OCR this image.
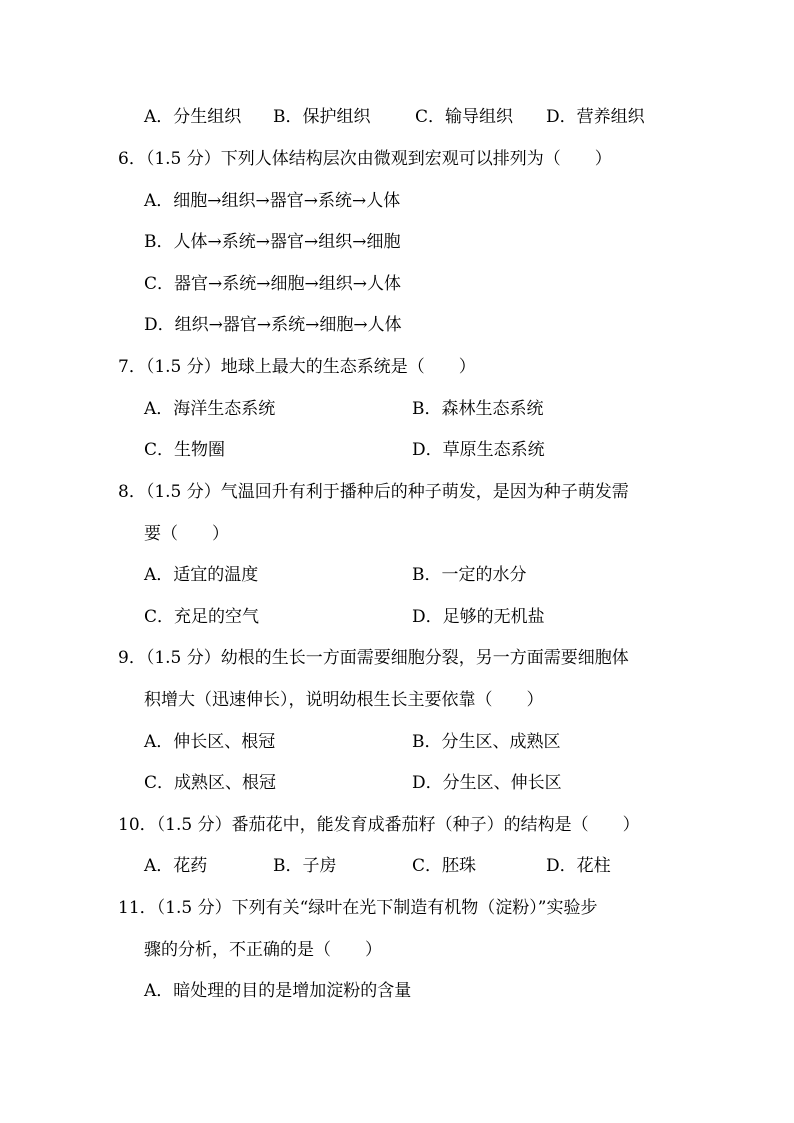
A．分生组织 B．保护组织	C．输导组织 D．营养组织
6．（1.5 分）下列人体结构层次由微观到宏观可以排列为（　　）
A．细胞→组织→器官→系统→人体
B．人体→系统→器官→组织→细胞
C．器官→系统→细胞→组织→人体
D．组织→器官→系统→细胞→人体
7．（1.5 分）地球上最大的生态系统是（　　）
A．海洋生态系统	B．森林生态系统
C．生物圈	D．草原生态系统
8．（1.5 分）气温回升有利于播种后的种子萌发，是因为种子萌发需
要（　　）
A．适宜的温度	B．一定的水分
C．充足的空气	D．足够的无机盐
9．（1.5 分）幼根的生长一方面需要细胞分裂，另一方面需要细胞体
积增大（迅速伸长），说明幼根生长主要依靠（　　）
A．伸长区、根冠	B．分生区、成熟区
C．成熟区、根冠	D．分生区、伸长区
10．（1.5 分）番茄花中，能发育成番茄籽（种子）的结构是（　　）
A．花药	B．子房	C．胚珠	D．花柱
11．（1.5 分）下列有关“绿叶在光下制造有机物（淀粉）”实验步
骤的分析，不正确的是（　　）
A．暗处理的目的是增加淀粉的含量
